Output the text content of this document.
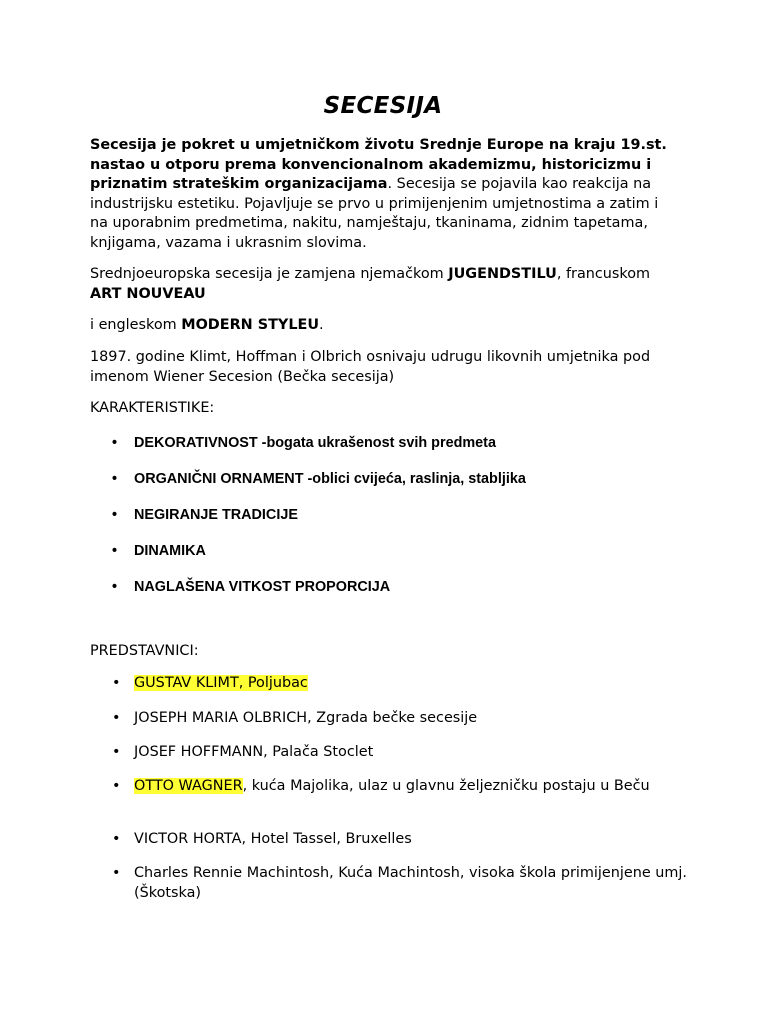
SECESIJA
Secesija je pokret u umjetničkom životu Srednje Europe na kraju 19.st. nastao u otporu prema konvencionalnom akademizmu, historicizmu i priznatim strateškim organizacijama. Secesija se pojavila kao reakcija na industrijsku estetiku. Pojavljuje se prvo u primijenjenim umjetnostima a zatim i na uporabnim predmetima, nakitu, namještaju, tkaninama, zidnim tapetama, knjigama, vazama i ukrasnim slovima.
Srednjoeuropska secesija je zamjena njemačkom JUGENDSTILU, francuskom ART NOUVEAU
i engleskom MODERN STYLEU.
1897. godine Klimt, Hoffman i Olbrich osnivaju udrugu likovnih umjetnika pod imenom Wiener Secesion (Bečka secesija)
KARAKTERISTIKE:
• DEKORATIVNOST -bogata ukrašenost svih predmeta
• ORGANIČNI ORNAMENT -oblici cvijeća, raslinja, stabljika
• NEGIRANJE TRADICIJE
• DINAMIKA
• NAGLAŠENA VITKOST PROPORCIJA
PREDSTAVNICI:
• GUSTAV KLIMT, Poljubac
• JOSEPH MARIA OLBRICH, Zgrada bečke secesije
• JOSEF HOFFMANN, Palača Stoclet
• OTTO WAGNER, kuća Majolika, ulaz u glavnu željezničku postaju u Beču
• VICTOR HORTA, Hotel Tassel, Bruxelles
• Charles Rennie Machintosh, Kuća Machintosh, visoka škola primijenjene umj.(Škotska)
